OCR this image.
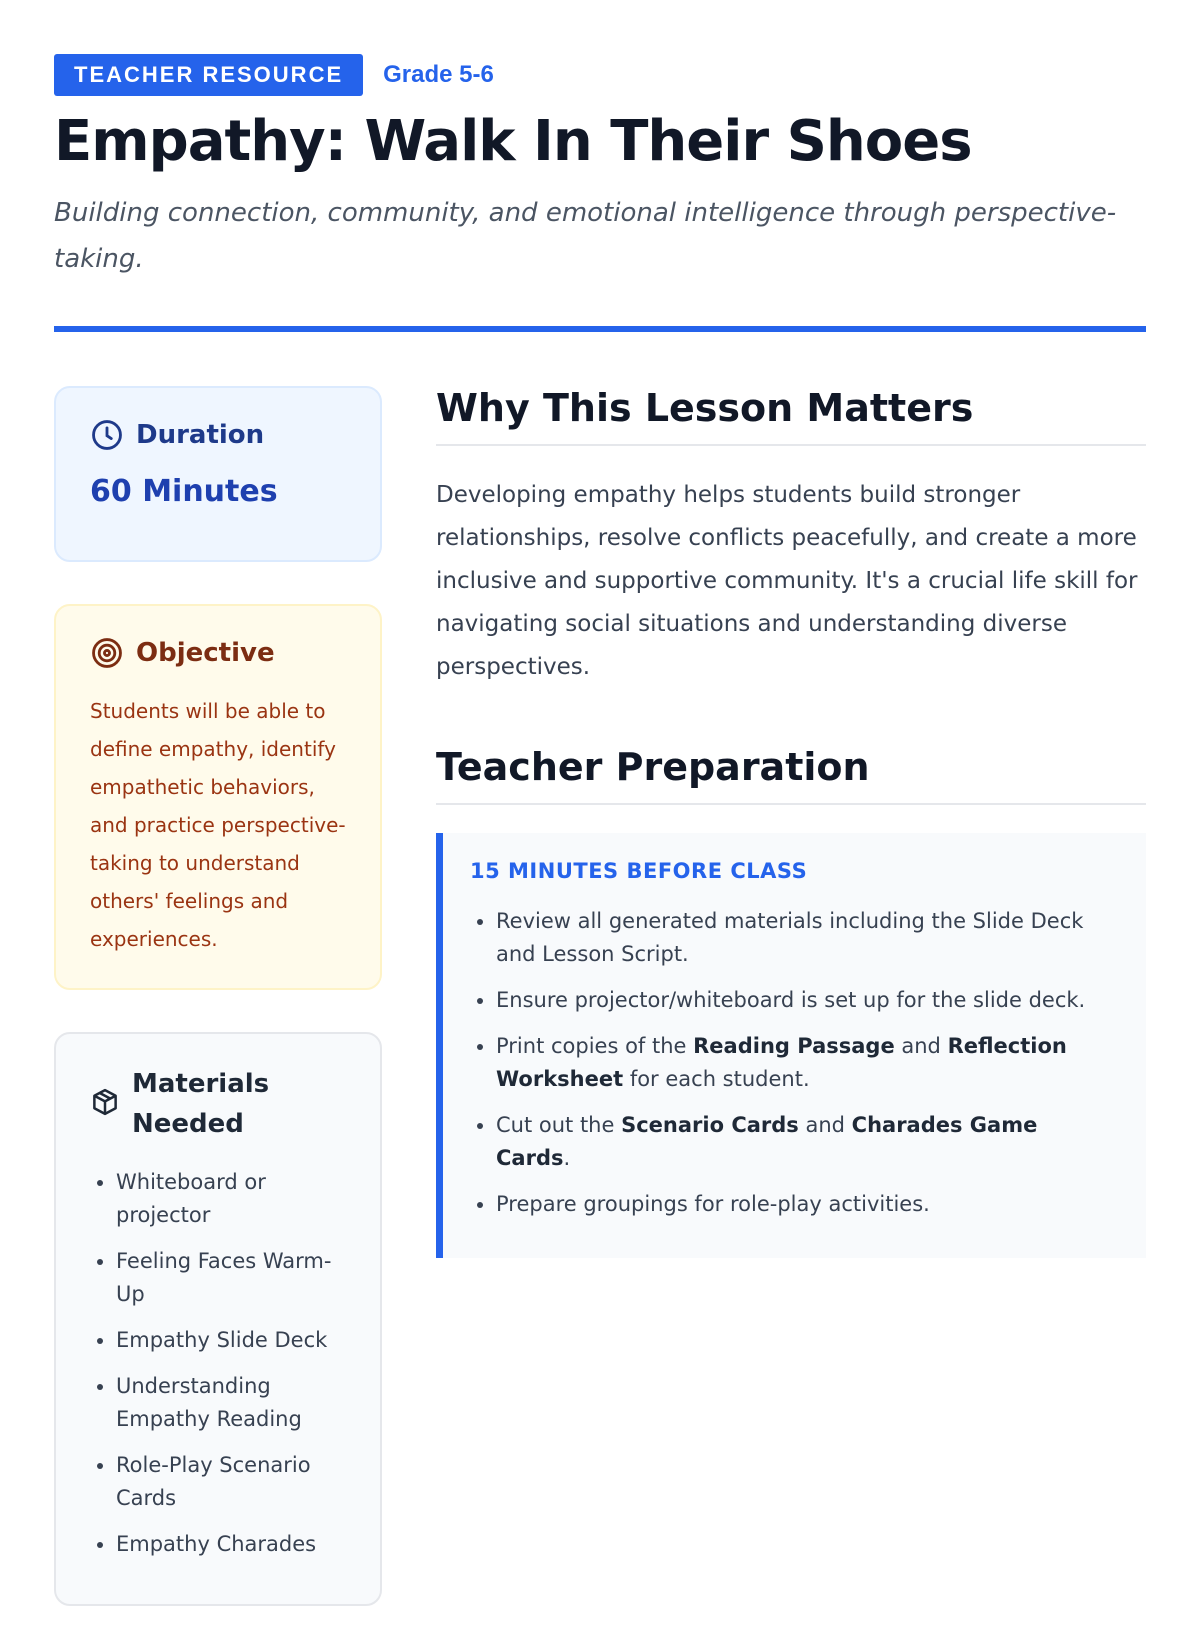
TEACHER RESOURCE	Grade 5-6
Empathy: Walk In Their Shoes

Building connection, community, and emotional intelligence through perspective-taking.

Duration
60 Minutes
Objective
Students will be able to define empathy, identify empathetic behaviors, and practice perspective-taking to understand others' feelings and experiences.
Materials Needed
• Whiteboard or projector
• Feeling Faces Warm-Up
• Empathy Slide Deck
• Understanding Empathy Reading
• Role-Play Scenario Cards
• Empathy Charades
Why This Lesson Matters

Developing empathy helps students build stronger relationships, resolve conflicts peacefully, and create a more inclusive and supportive community. It's a crucial life skill for navigating social situations and understanding diverse perspectives.

Teacher Preparation
15 MINUTES BEFORE CLASS
• Review all generated materials including the Slide Deck and Lesson Script.
• Ensure projector/whiteboard is set up for the slide deck.
• Print copies of the Reading Passage and Reflection Worksheet for each student.
• Cut out the Scenario Cards and Charades Game Cards.
• Prepare groupings for role-play activities.
